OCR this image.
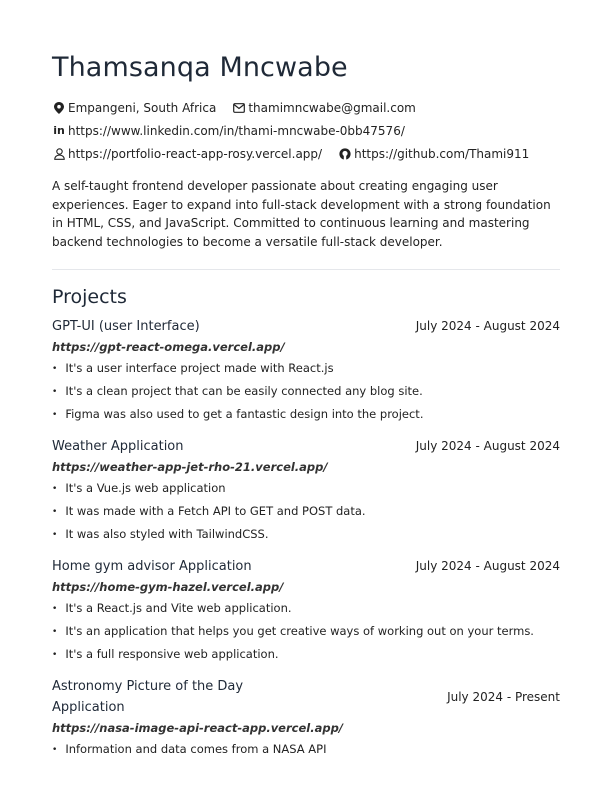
Thamsanqa Mncwabe
Empangeni, South Africa	thamimncwabe@gmail.com
in https://www.linkedin.com/in/thami-mncwabe-0bb47576/
https://portfolio-react-app-rosy.vercel.app/	https://github.com/Thami911
A self-taught frontend developer passionate about creating engaging user experiences. Eager to expand into full-stack development with a strong foundation in HTML, CSS, and JavaScript. Committed to continuous learning and mastering backend technologies to become a versatile full-stack developer.
Projects
GPT-UI (user Interface)	July 2024 - August 2024
https://gpt-react-omega.vercel.app/
• It's a user interface project made with React.js
• It's a clean project that can be easily connected any blog site.
• Figma was also used to get a fantastic design into the project.
Weather Application	July 2024 - August 2024
https://weather-app-jet-rho-21.vercel.app/
• It's a Vue.js web application
• It was made with a Fetch API to GET and POST data.
• It was also styled with TailwindCSS.
Home gym advisor Application	July 2024 - August 2024
https://home-gym-hazel.vercel.app/
• It's a React.js and Vite web application.
• It's an application that helps you get creative ways of working out on your terms.
• It's a full responsive web application.
Astronomy Picture of the Day Application
July 2024 - Present
https://nasa-image-api-react-app.vercel.app/
• Information and data comes from a NASA API
